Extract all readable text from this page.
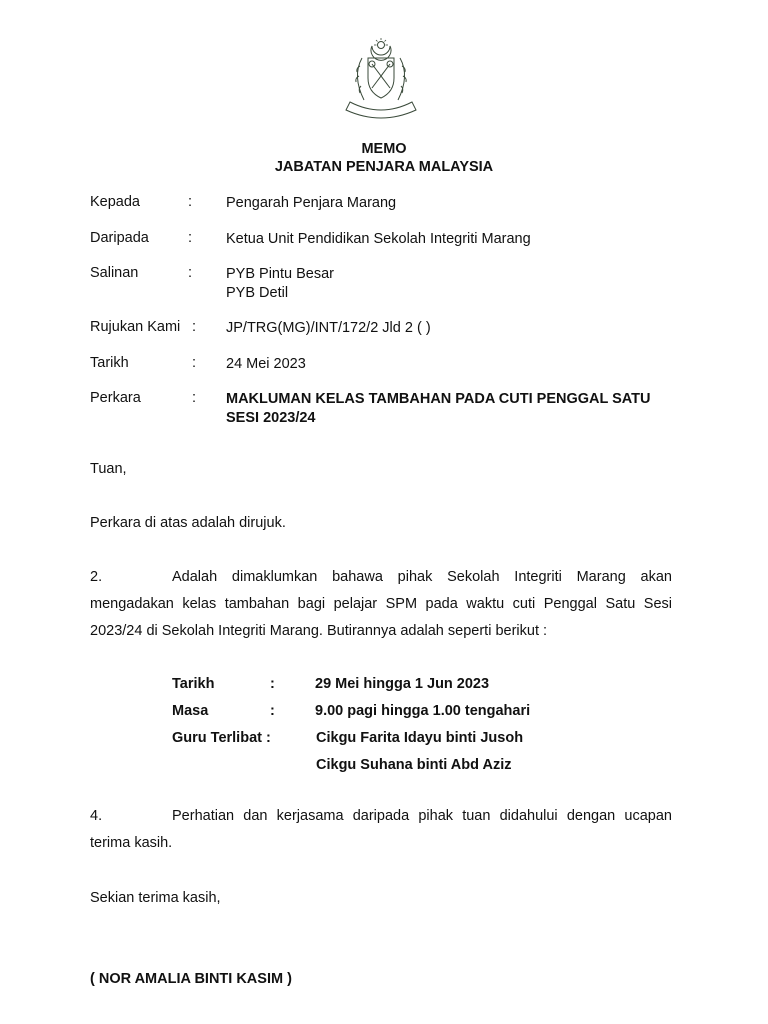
MEMO
JABATAN PENJARA MALAYSIA
Kepada	: Pengarah Penjara Marang
Daripada	: Ketua Unit Pendidikan Sekolah Integriti Marang
Salinan	: PYB Pintu Besar
PYB Detil
Rujukan Kami : JP/TRG(MG)/INT/172/2 Jld 2 ( )
Tarikh	: 24 Mei 2023
Perkara	: MAKLUMAN KELAS TAMBAHAN PADA CUTI PENGGAL SATU SESI 2023/24
Tuan,
Perkara di atas adalah dirujuk.
2.	Adalah dimaklumkan bahawa pihak Sekolah Integriti Marang akan mengadakan kelas tambahan bagi pelajar SPM pada waktu cuti Penggal Satu Sesi 2023/24 di Sekolah Integriti Marang. Butirannya adalah seperti berikut :
Tarikh	:	29 Mei hingga 1 Jun 2023
Masa	:	9.00 pagi hingga 1.00 tengahari
Guru Terlibat :	Cikgu Farita Idayu binti Jusoh
Cikgu Suhana binti Abd Aziz
4.	Perhatian dan kerjasama daripada pihak tuan didahului dengan ucapan terima kasih.
Sekian terima kasih,
( NOR AMALIA BINTI KASIM )
